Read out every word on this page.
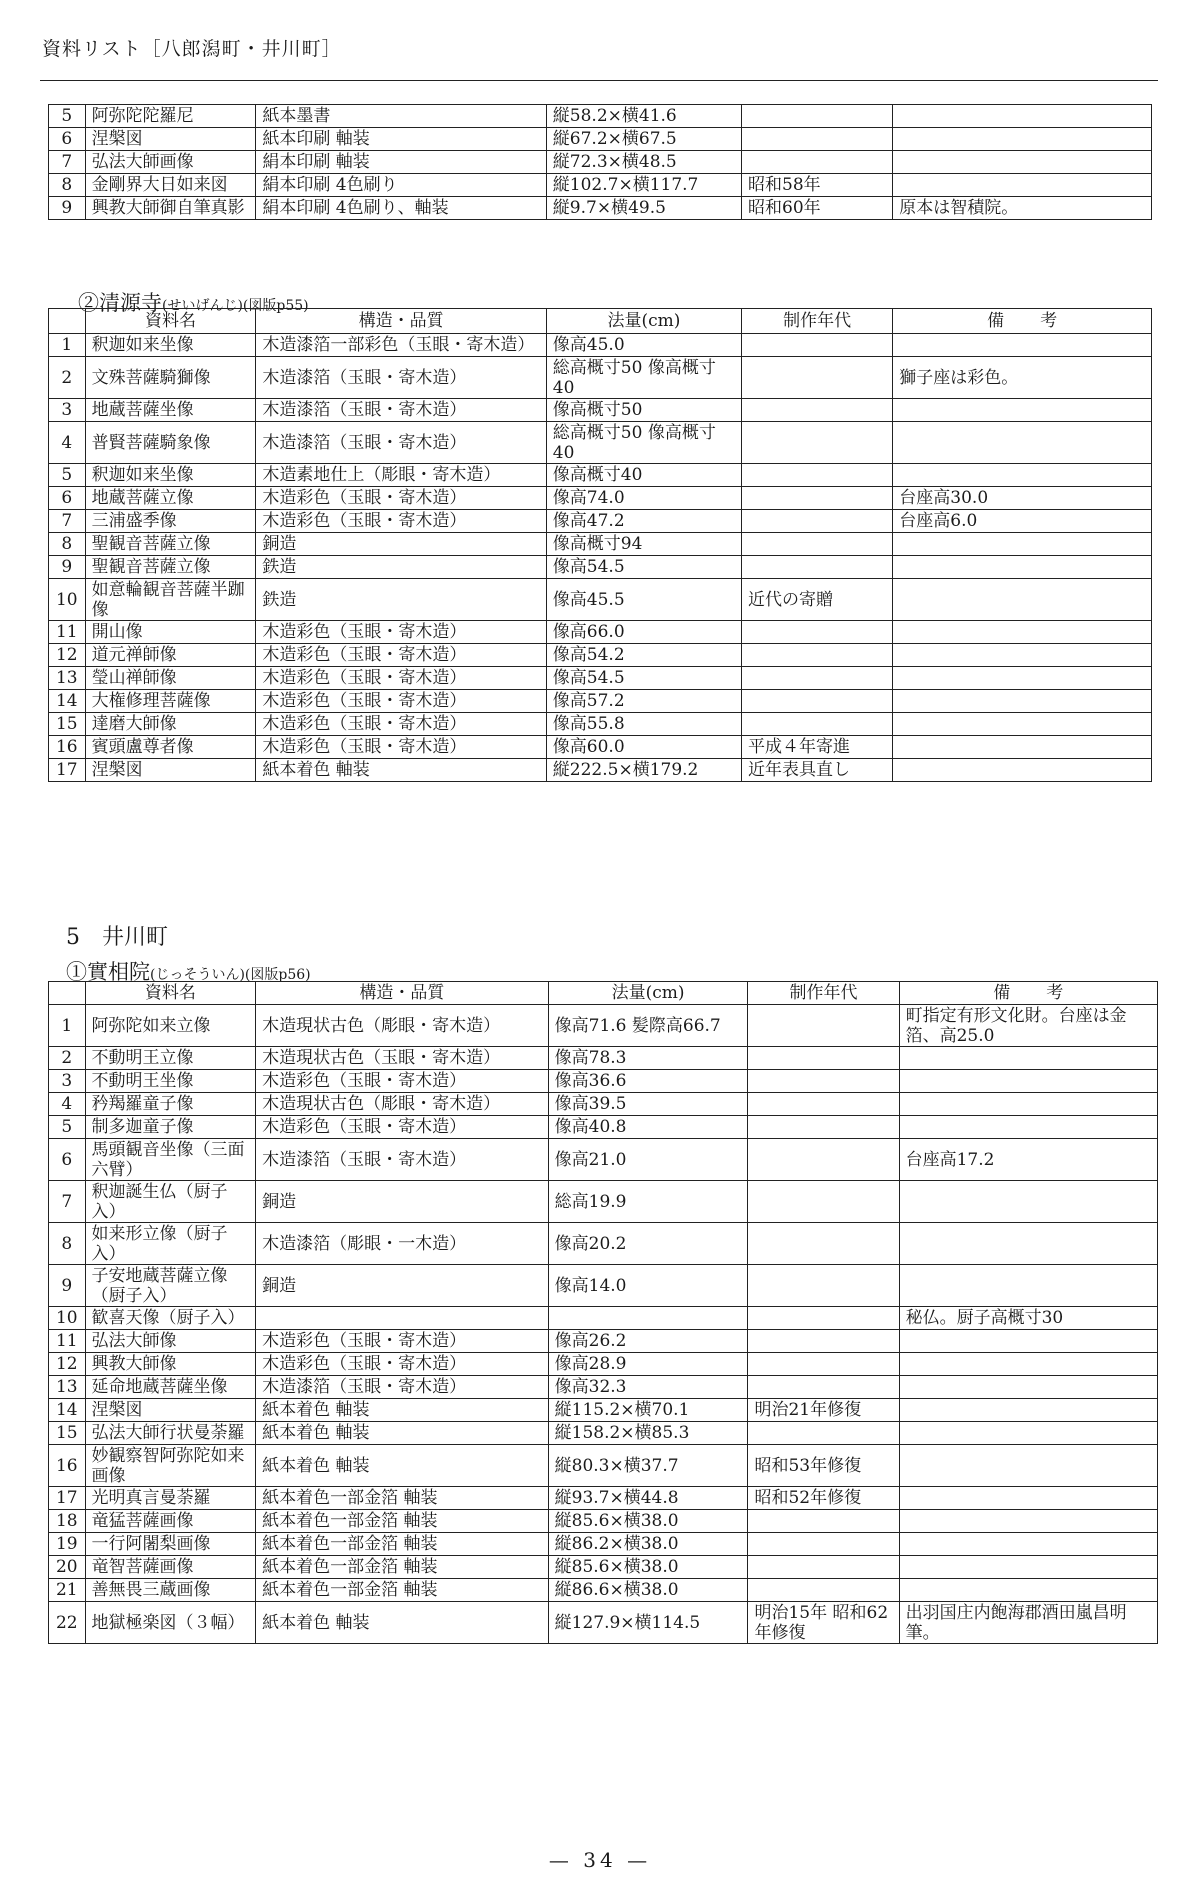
資料リスト［八郎潟町・井川町］
5	阿弥陀陀羅尼	紙本墨書	縦58.2×横41.6		
6	涅槃図	紙本印刷 軸装	縦67.2×横67.5		
7	弘法大師画像	絹本印刷 軸装	縦72.3×横48.5		
8	金剛界大日如来図	絹本印刷 4色刷り	縦102.7×横117.7	昭和58年	
9	興教大師御自筆真影	絹本印刷 4色刷り、軸装	縦9.7×横49.5	昭和60年	原本は智積院。
②清源寺(せいげんじ)(図版p55)
	資料名	構造・品質	法量(cm)	制作年代	備考
1	釈迦如来坐像	木造漆箔一部彩色（玉眼・寄木造）	像高45.0		
2	文殊菩薩騎獅像	木造漆箔（玉眼・寄木造）	総高概寸50 像高概寸40		獅子座は彩色。
3	地蔵菩薩坐像	木造漆箔（玉眼・寄木造）	像高概寸50		
4	普賢菩薩騎象像	木造漆箔（玉眼・寄木造）	総高概寸50 像高概寸40		
5	釈迦如来坐像	木造素地仕上（彫眼・寄木造）	像高概寸40		
6	地蔵菩薩立像	木造彩色（玉眼・寄木造）	像高74.0		台座高30.0
7	三浦盛季像	木造彩色（玉眼・寄木造）	像高47.2		台座高6.0
8	聖観音菩薩立像	銅造	像高概寸94		
9	聖観音菩薩立像	鉄造	像高54.5		
10	如意輪観音菩薩半跏像	鉄造	像高45.5	近代の寄贈	
11	開山像	木造彩色（玉眼・寄木造）	像高66.0		
12	道元禅師像	木造彩色（玉眼・寄木造）	像高54.2		
13	瑩山禅師像	木造彩色（玉眼・寄木造）	像高54.5		
14	大権修理菩薩像	木造彩色（玉眼・寄木造）	像高57.2		
15	達磨大師像	木造彩色（玉眼・寄木造）	像高55.8		
16	賓頭盧尊者像	木造彩色（玉眼・寄木造）	像高60.0	平成４年寄進	
17	涅槃図	紙本着色 軸装	縦222.5×横179.2	近年表具直し	
5　井川町
①實相院(じっそういん)(図版p56)
	資料名	構造・品質	法量(cm)	制作年代	備考
1	阿弥陀如来立像	木造現状古色（彫眼・寄木造）	像高71.6 髪際高66.7		町指定有形文化財。台座は金箔、高25.0
2	不動明王立像	木造現状古色（玉眼・寄木造）	像高78.3		
3	不動明王坐像	木造彩色（玉眼・寄木造）	像高36.6		
4	矜羯羅童子像	木造現状古色（彫眼・寄木造）	像高39.5		
5	制多迦童子像	木造彩色（玉眼・寄木造）	像高40.8		
6	馬頭観音坐像（三面六臂）	木造漆箔（玉眼・寄木造）	像高21.0		台座高17.2
7	釈迦誕生仏（厨子入）	銅造	総高19.9		
8	如来形立像（厨子入）	木造漆箔（彫眼・一木造）	像高20.2		
9	子安地蔵菩薩立像（厨子入）	銅造	像高14.0		
10	歓喜天像（厨子入）				秘仏。厨子高概寸30
11	弘法大師像	木造彩色（玉眼・寄木造）	像高26.2		
12	興教大師像	木造彩色（玉眼・寄木造）	像高28.9		
13	延命地蔵菩薩坐像	木造漆箔（玉眼・寄木造）	像高32.3		
14	涅槃図	紙本着色 軸装	縦115.2×横70.1	明治21年修復	
15	弘法大師行状曼荼羅	紙本着色 軸装	縦158.2×横85.3		
16	妙観察智阿弥陀如来画像	紙本着色 軸装	縦80.3×横37.7	昭和53年修復	
17	光明真言曼荼羅	紙本着色一部金箔 軸装	縦93.7×横44.8	昭和52年修復	
18	竜猛菩薩画像	紙本着色一部金箔 軸装	縦85.6×横38.0		
19	一行阿闍梨画像	紙本着色一部金箔 軸装	縦86.2×横38.0		
20	竜智菩薩画像	紙本着色一部金箔 軸装	縦85.6×横38.0		
21	善無畏三蔵画像	紙本着色一部金箔 軸装	縦86.6×横38.0		
22	地獄極楽図（３幅）	紙本着色 軸装	縦127.9×横114.5	明治15年 昭和62年修復	出羽国庄内飽海郡酒田嵐昌明筆。
— 34 —
